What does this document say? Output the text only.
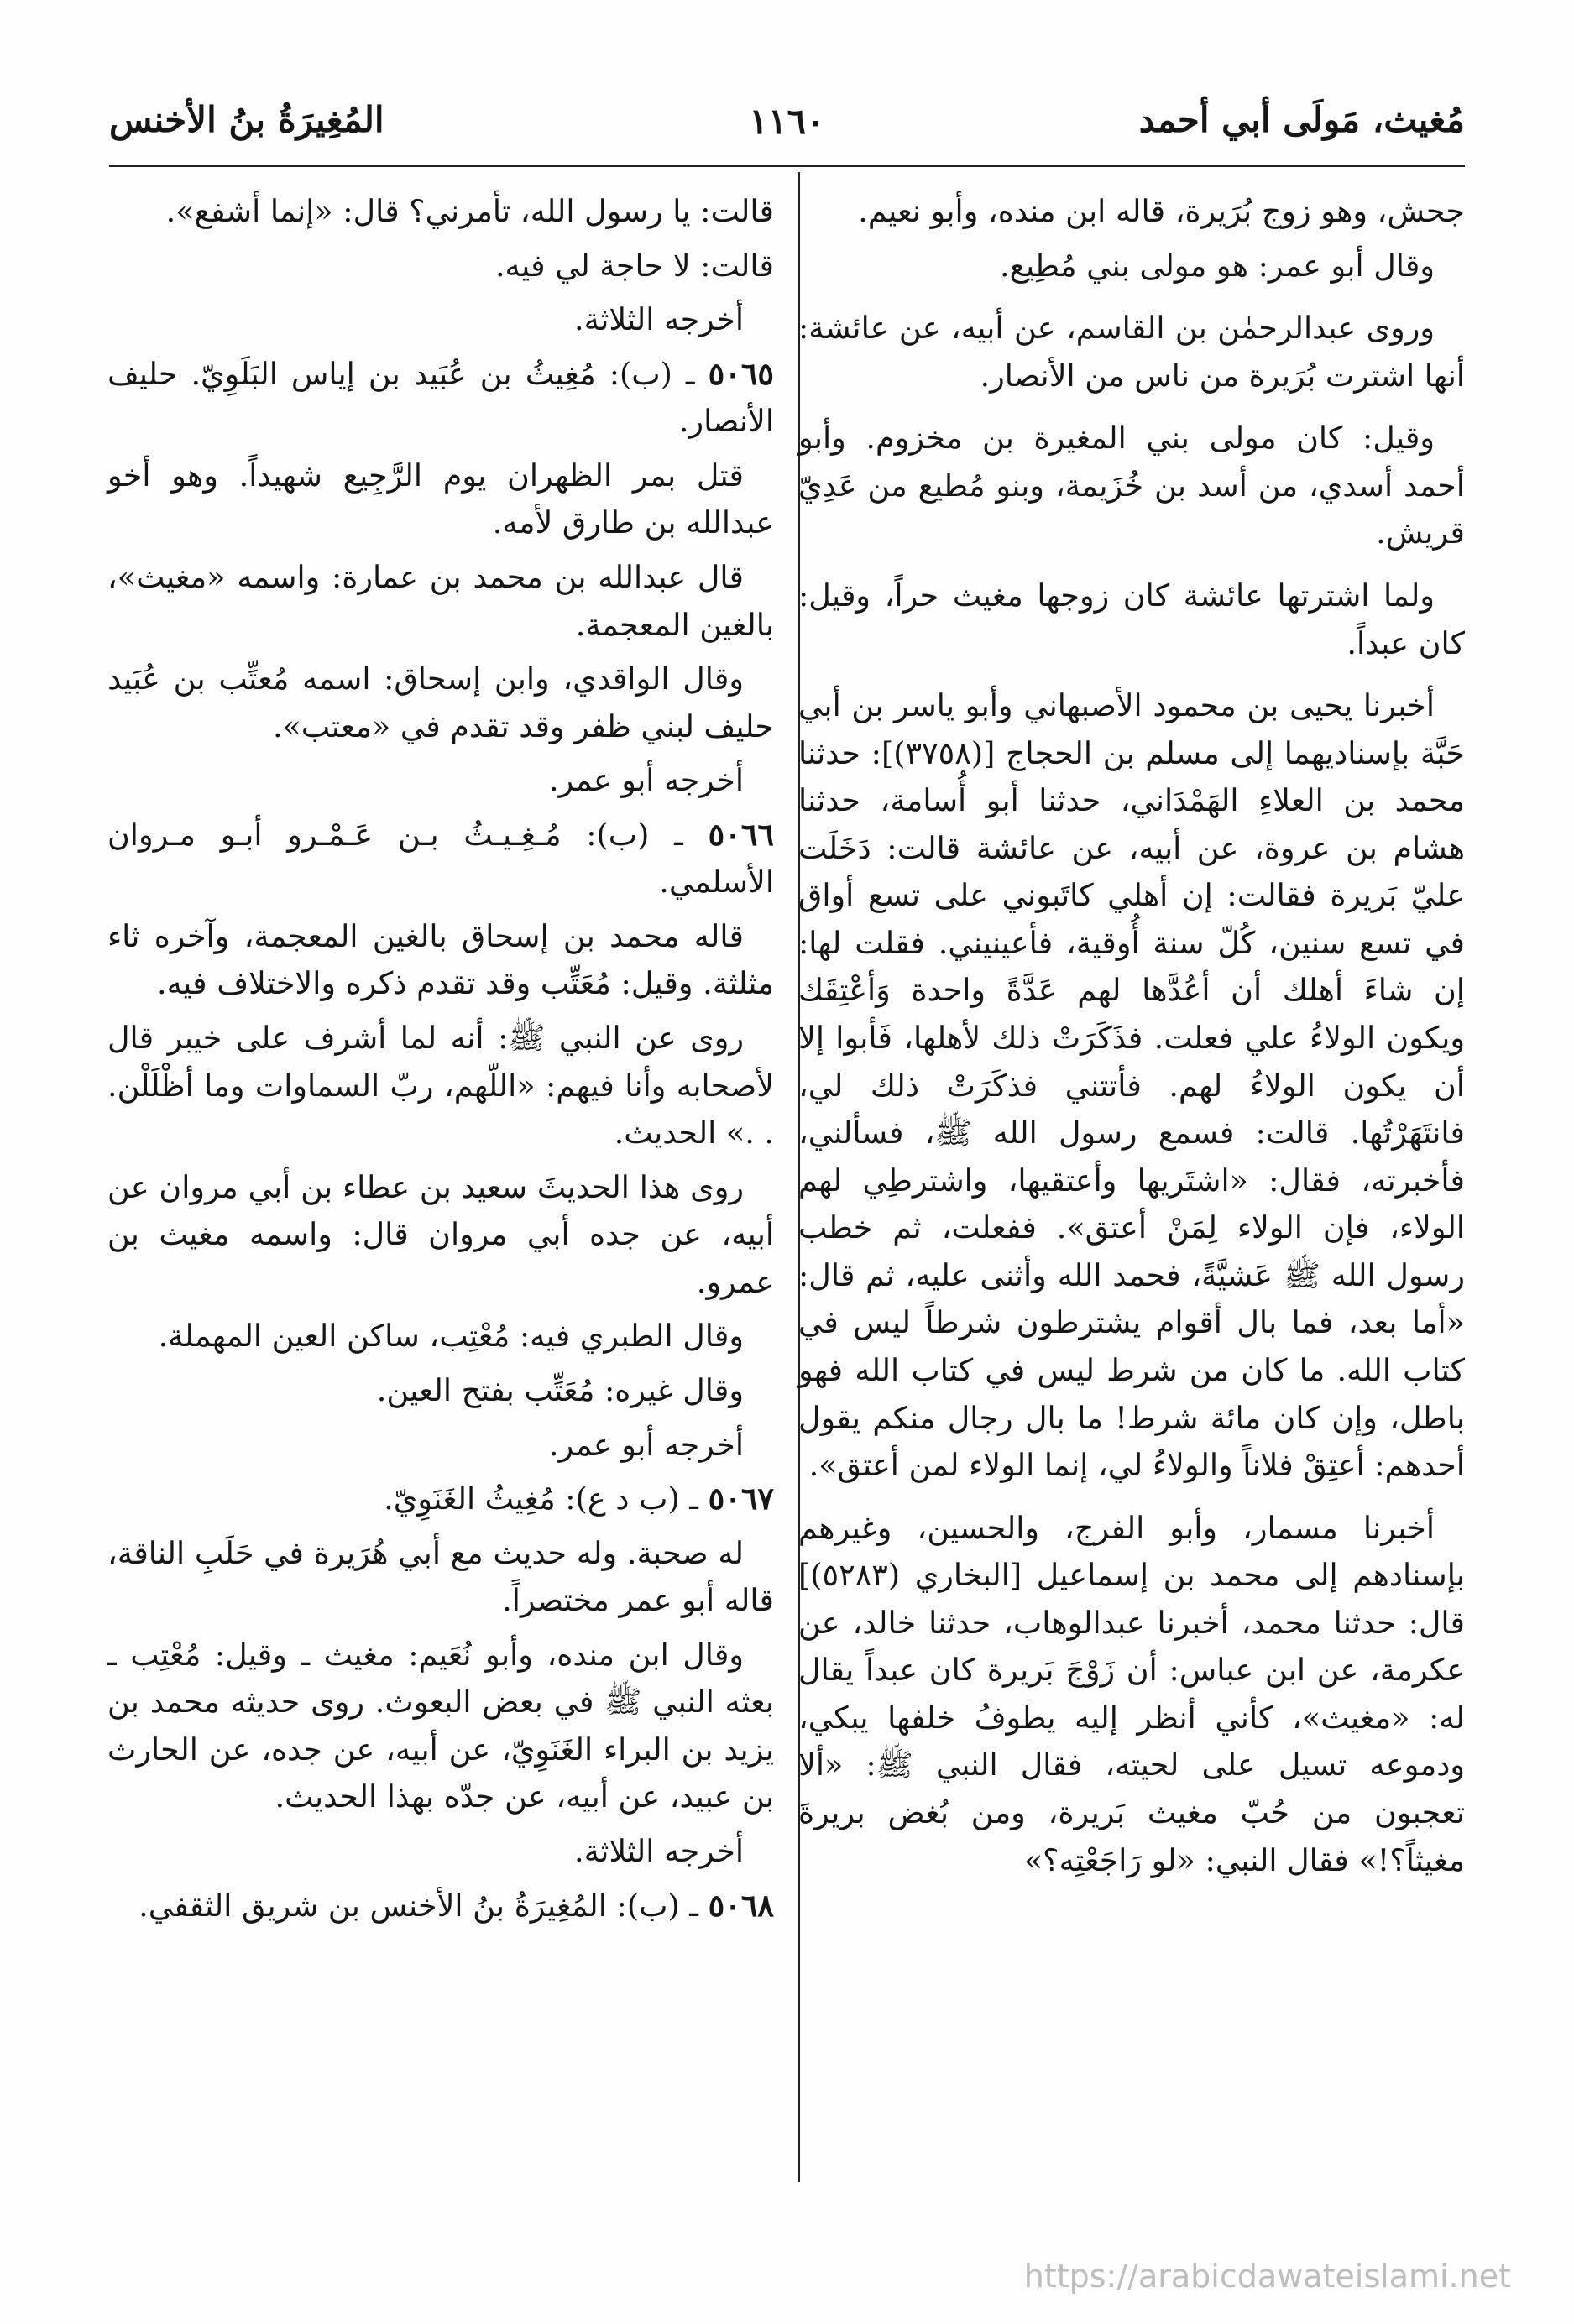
مُغيث، مَولَى أبي أحمد
١١٦٠
المُغِيرَةُ بنُ الأخنس

جحش، وهو زوج بُرَيرة، قاله ابن منده، وأبو نعيم.

وقال أبو عمر: هو مولى بني مُطِيع.

وروى عبدالرحمٰن بن القاسم، عن أبيه، عن عائشة: أنها اشترت بُرَيرة من ناس من الأنصار.

وقيل: كان مولى بني المغيرة بن مخزوم. وأبو أحمد أسدي، من أسد بن خُزَيمة، وبنو مُطيع من عَدِيّ قريش.

ولما اشترتها عائشة كان زوجها مغيث حراً، وقيل: كان عبداً.

أخبرنا يحيى بن محمود الأصبهاني وأبو ياسر بن أبي حَبَّة بإسناديهما إلى مسلم بن الحجاج [(٣٧٥٨)]: حدثنا محمد بن العلاءِ الهَمْدَاني، حدثنا أبو أُسامة، حدثنا هشام بن عروة، عن أبيه، عن عائشة قالت: دَخَلَت عليّ بَريرة فقالت: إن أهلي كاتَبوني على تسع أواق في تسع سنين، كُلّ سنة أُوقية، فأعينيني. فقلت لها: إن شاءَ أهلك أن أعُدَّها لهم عَدَّةً واحدة وَأعْتِقَك ويكون الولاءُ علي فعلت. فذَكَرَتْ ذلك لأهلها، فَأبوا إلا أن يكون الولاءُ لهم. فأتتني فذكَرَتْ ذلك لي، فانتَهَرْتُها. قالت: فسمع رسول الله ﷺ، فسألني، فأخبرته، فقال: «اشتَريها وأعتقيها، واشترطِي لهم الولاء، فإن الولاء لِمَنْ أعتق». ففعلت، ثم خطب رسول الله ﷺ عَشيَّةً، فحمد الله وأثنى عليه، ثم قال: «أما بعد، فما بال أقوام يشترطون شرطاً ليس في كتاب الله. ما كان من شرط ليس في كتاب الله فهو باطل، وإن كان مائة شرط! ما بال رجال منكم يقول أحدهم: أعتِقْ فلاناً والولاءُ لي، إنما الولاء لمن أعتق».

أخبرنا مسمار، وأبو الفرج، والحسين، وغيرهم بإسنادهم إلى محمد بن إسماعيل [البخاري (٥٢٨٣)] قال: حدثنا محمد، أخبرنا عبدالوهاب، حدثنا خالد، عن عكرمة، عن ابن عباس: أن زَوْجَ بَريرة كان عبداً يقال له: «مغيث»، كأني أنظر إليه يطوفُ خلفها يبكي، ودموعه تسيل على لحيته، فقال النبي ﷺ: «ألا تعجبون من حُبّ مغيث بَريرة، ومن بُغض بريرةَ مغيثاً؟!» فقال النبي: «لو رَاجَعْتِه؟»

قالت: يا رسول الله، تأمرني؟ قال: «إنما أشفع».

قالت: لا حاجة لي فيه.

أخرجه الثلاثة.

٥٠٦٥ ـ (ب): مُغِيثُ بن عُبَيد بن إياس البَلَوِيّ. حليف الأنصار.

قتل بمر الظهران يوم الرَّجِيع شهيداً. وهو أخو عبدالله بن طارق لأمه.

قال عبدالله بن محمد بن عمارة: واسمه «مغيث»، بالغين المعجمة.

وقال الواقدي، وابن إسحاق: اسمه مُعتِّب بن عُبَيد حليف لبني ظفر وقد تقدم في «معتب».

أخرجه أبو عمر.

٥٠٦٦ ـ (ب): مُـغِـيـثُ بـن عَـمْـرو أبـو مـروان الأسلمي.

قاله محمد بن إسحاق بالغين المعجمة، وآخره ثاء مثلثة. وقيل: مُعَتِّب وقد تقدم ذكره والاختلاف فيه.

روى عن النبي ﷺ: أنه لما أشرف على خيبر قال لأصحابه وأنا فيهم: «اللّهم، ربّ السماوات وما أظْلَلْن. . .» الحديث.

روى هذا الحديثَ سعيد بن عطاء بن أبي مروان عن أبيه، عن جده أبي مروان قال: واسمه مغيث بن عمرو.

وقال الطبري فيه: مُعْتِب، ساكن العين المهملة.

وقال غيره: مُعَتِّب بفتح العين.

أخرجه أبو عمر.

٥٠٦٧ ـ (ب د ع): مُغِيثُ الغَنَوِيّ.

له صحبة. وله حديث مع أبي هُرَيرة في حَلَبِ الناقة، قاله أبو عمر مختصراً.

وقال ابن منده، وأبو نُعَيم: مغيث ـ وقيل: مُعْتِب ـ بعثه النبي ﷺ في بعض البعوث. روى حديثه محمد بن يزيد بن البراء الغَنَوِيّ، عن أبيه، عن جده، عن الحارث بن عبيد، عن أبيه، عن جدّه بهذا الحديث.

أخرجه الثلاثة.

٥٠٦٨ ـ (ب): المُغِيرَةُ بنُ الأخنس بن شريق الثقفي.

https://arabicdawateislami.net
